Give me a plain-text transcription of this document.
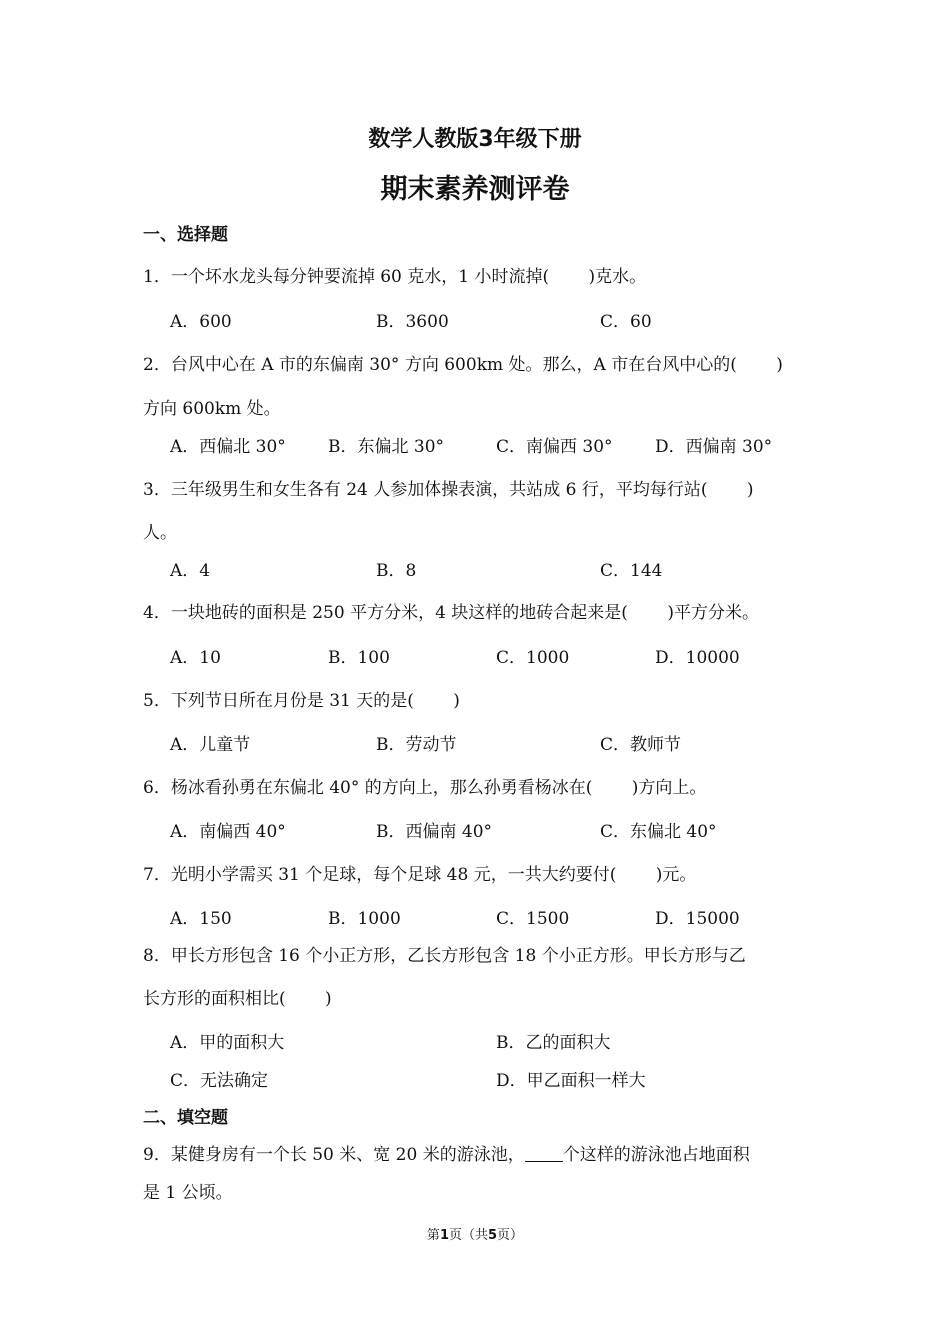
数学人教版3年级下册
期末素养测评卷
一、选择题
1．一个坏水龙头每分钟要流掉 60 克水，1 小时流掉(　　 )克水。
A．600	B．3600	C．60
2．台风中心在 A 市的东偏南 30° 方向 600km 处。那么，A 市在台风中心的(　　 )
方向 600km 处。
A．西偏北 30° B．东偏北 30°	C．南偏西 30° D．西偏南 30°
3．三年级男生和女生各有 24 人参加体操表演，共站成 6 行，平均每行站(　　 )
人。
A．4	B．8	C．144
4．一块地砖的面积是 250 平方分米，4 块这样的地砖合起来是(　　 )平方分米。
A．10	B．100	C．1000	D．10000
5．下列节日所在月份是 31 天的是(　　 )
A．儿童节	B．劳动节	C．教师节
6．杨冰看孙勇在东偏北 40° 的方向上，那么孙勇看杨冰在(　　 )方向上。
A．南偏西 40°	B．西偏南 40°	C．东偏北 40°
7．光明小学需买 31 个足球，每个足球 48 元，一共大约要付(　　 )元。
A．150	B．1000	C．1500	D．15000
8．甲长方形包含 16 个小正方形，乙长方形包含 18 个小正方形。甲长方形与乙
长方形的面积相比(　　 )
A．甲的面积大	B．乙的面积大
C．无法确定	D．甲乙面积一样大
二、填空题
9．某健身房有一个长 50 米、宽 20 米的游泳池， 个这样的游泳池占地面积
是 1 公顷。
第1页（共5页）
